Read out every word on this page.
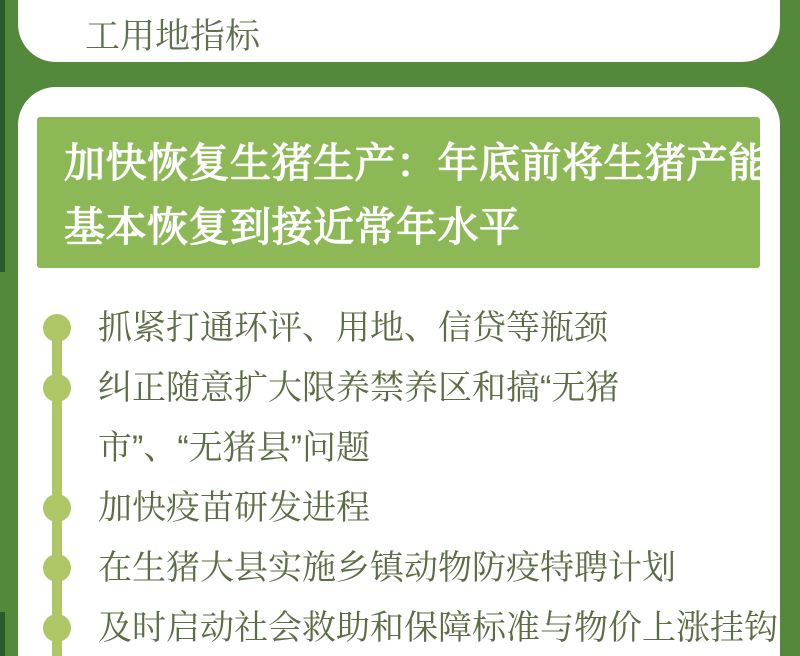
工用地指标
加快恢复生猪生产：年底前将生猪产能
基本恢复到接近常年水平
抓紧打通环评、用地、信贷等瓶颈
纠正随意扩大限养禁养区和搞“无猪
市”、“无猪县”问题
加快疫苗研发进程
在生猪大县实施乡镇动物防疫特聘计划
及时启动社会救助和保障标准与物价上涨挂钩
